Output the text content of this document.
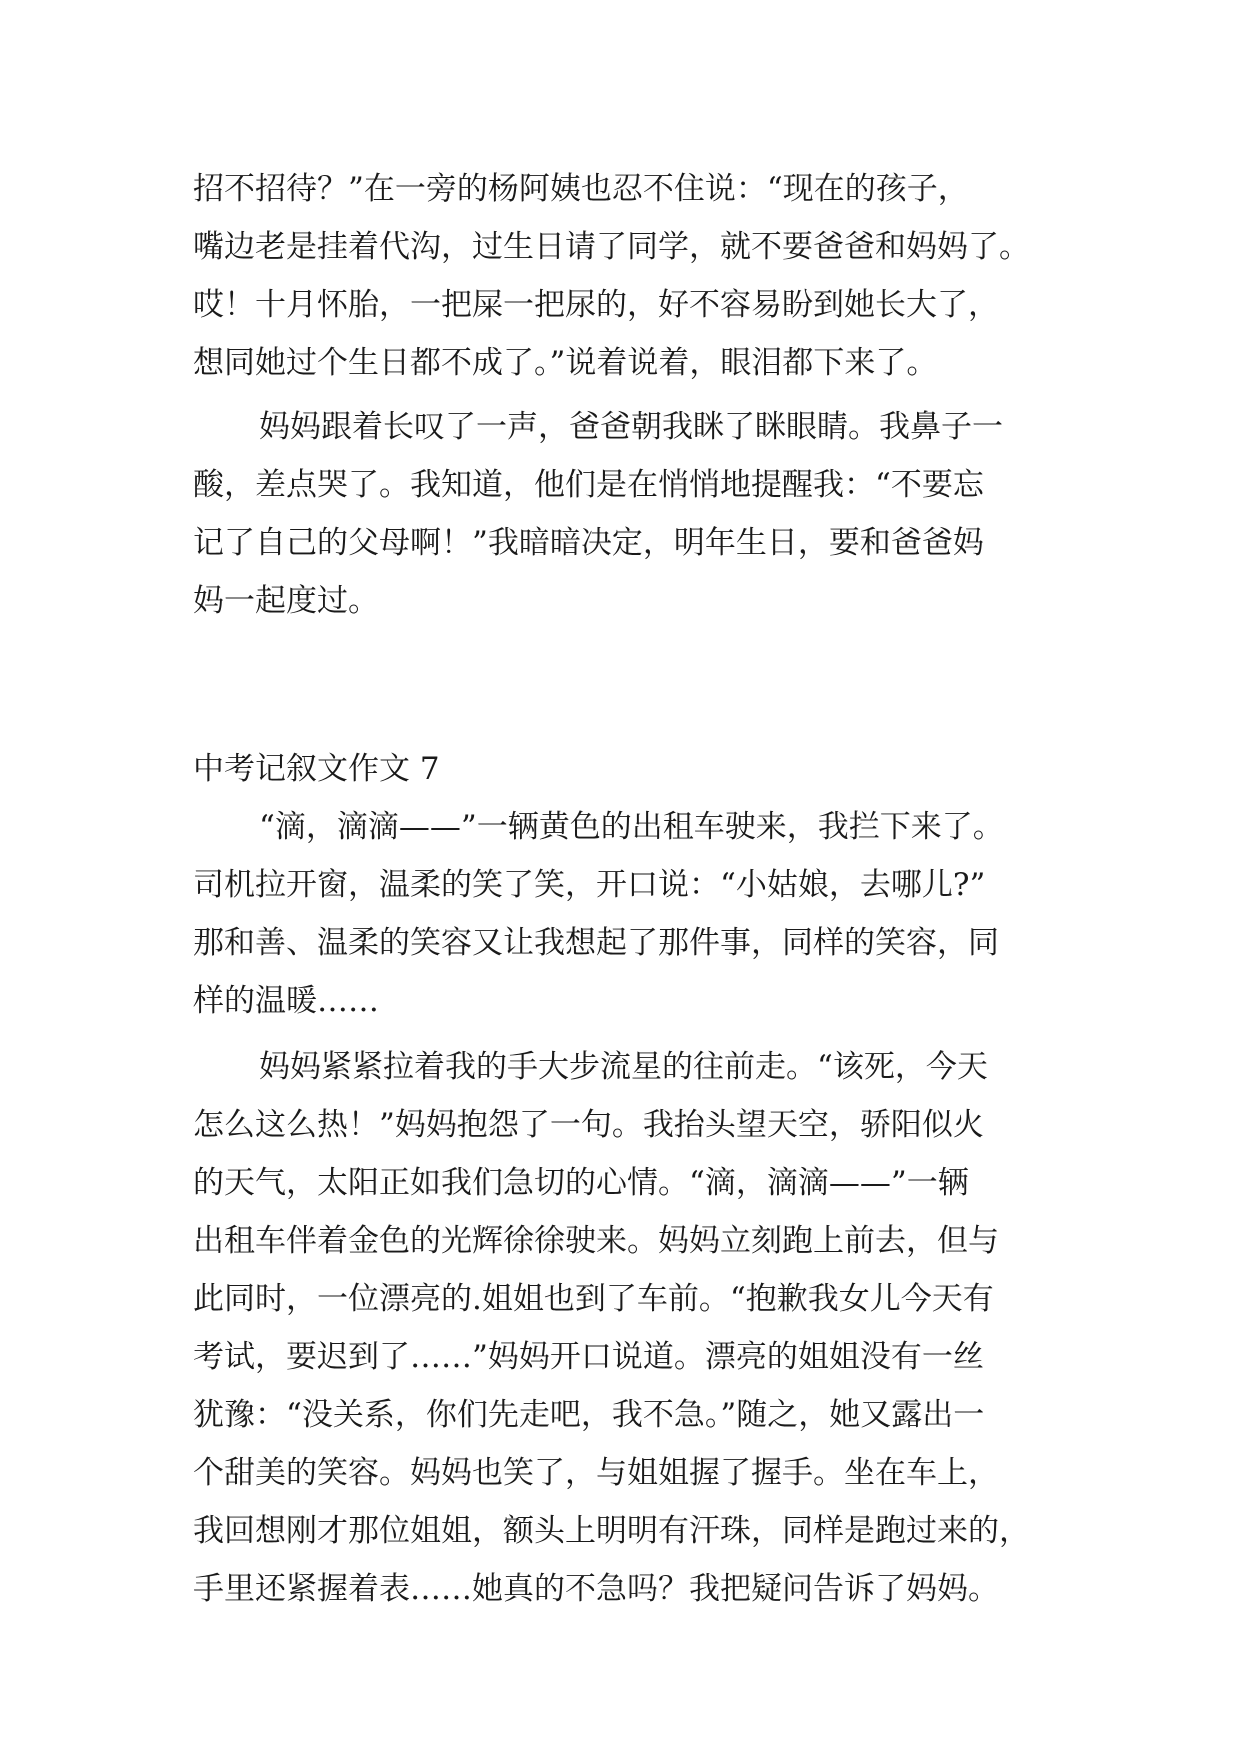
招不招待？”在一旁的杨阿姨也忍不住说：“现在的孩子，
嘴边老是挂着代沟，过生日请了同学，就不要爸爸和妈妈了。
哎！十月怀胎，一把屎一把尿的，好不容易盼到她长大了，
想同她过个生日都不成了。”说着说着，眼泪都下来了。
妈妈跟着长叹了一声，爸爸朝我眯了眯眼睛。我鼻子一
酸，差点哭了。我知道，他们是在悄悄地提醒我：“不要忘
记了自己的父母啊！”我暗暗决定，明年生日，要和爸爸妈
妈一起度过。
中考记叙文作文 7
“滴，滴滴——”一辆黄色的出租车驶来，我拦下来了。
司机拉开窗，温柔的笑了笑，开口说：“小姑娘，去哪儿?”
那和善、温柔的笑容又让我想起了那件事，同样的笑容，同
样的温暖……
妈妈紧紧拉着我的手大步流星的往前走。“该死，今天
怎么这么热！”妈妈抱怨了一句。我抬头望天空，骄阳似火
的天气，太阳正如我们急切的心情。“滴，滴滴——”一辆
出租车伴着金色的光辉徐徐驶来。妈妈立刻跑上前去，但与
此同时，一位漂亮的.姐姐也到了车前。“抱歉我女儿今天有
考试，要迟到了……”妈妈开口说道。漂亮的姐姐没有一丝
犹豫：“没关系，你们先走吧，我不急。”随之，她又露出一
个甜美的笑容。妈妈也笑了，与姐姐握了握手。坐在车上，
我回想刚才那位姐姐，额头上明明有汗珠，同样是跑过来的，
手里还紧握着表……她真的不急吗？我把疑问告诉了妈妈。
